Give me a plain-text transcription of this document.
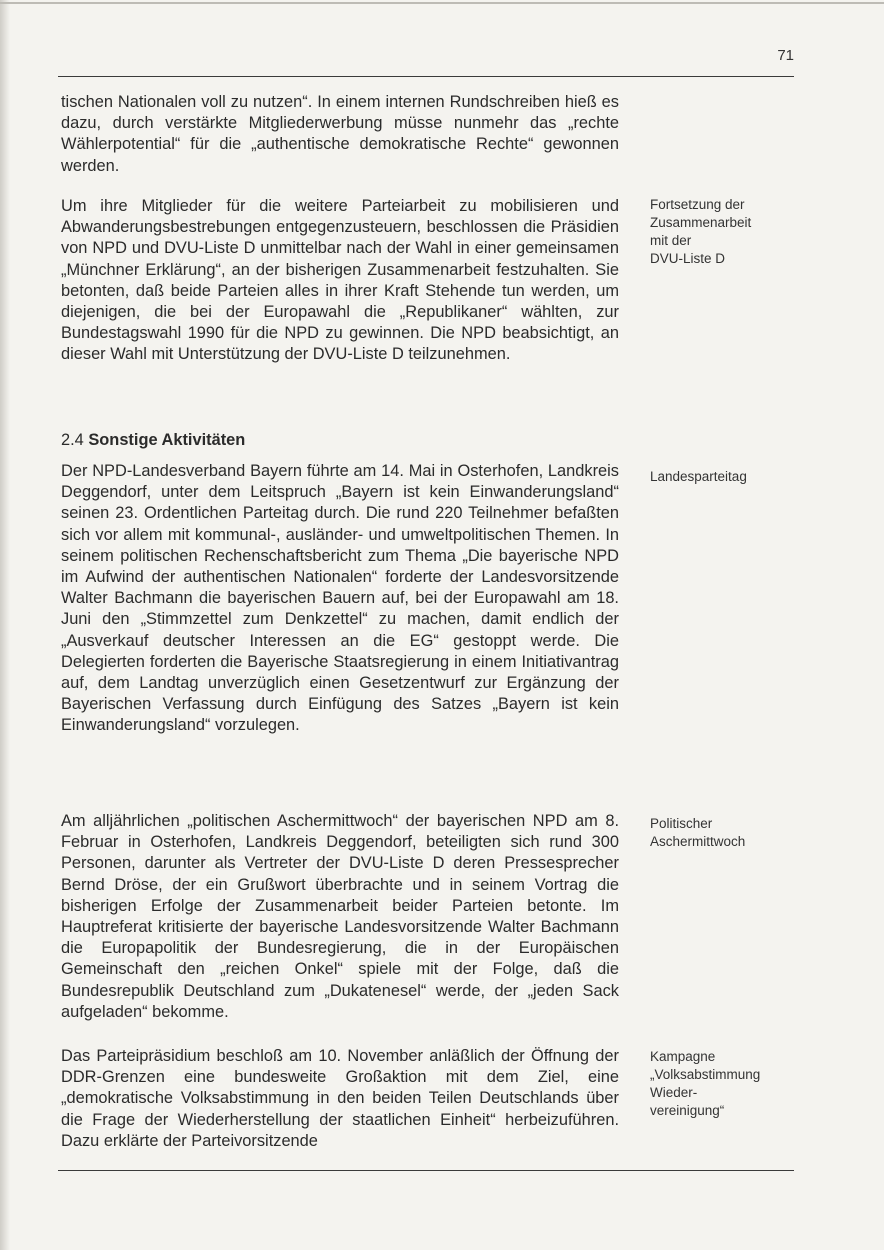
71

tischen Nationalen voll zu nutzen“. In einem internen Rundschreiben hieß es dazu, durch verstärkte Mitgliederwerbung müsse nunmehr das „rechte Wählerpotential“ für die „authentische demokratische Rechte“ gewonnen werden.

Um ihre Mitglieder für die weitere Parteiarbeit zu mobilisieren und Abwanderungsbestrebungen entgegenzusteuern, beschlossen die Präsidien von NPD und DVU-Liste D unmittelbar nach der Wahl in einer gemeinsamen „Münchner Erklärung“, an der bisherigen Zusammenarbeit festzuhalten. Sie betonten, daß beide Parteien alles in ihrer Kraft Stehende tun werden, um diejenigen, die bei der Europawahl die „Republikaner“ wählten, zur Bundestagswahl 1990 für die NPD zu gewinnen. Die NPD beabsichtigt, an dieser Wahl mit Unterstützung der DVU-Liste D teilzunehmen.

2.4 Sonstige Aktivitäten

Der NPD-Landesverband Bayern führte am 14. Mai in Osterhofen, Landkreis Deggendorf, unter dem Leitspruch „Bayern ist kein Einwanderungsland“ seinen 23. Ordentlichen Parteitag durch. Die rund 220 Teilnehmer befaßten sich vor allem mit kommunal-, ausländer- und umweltpolitischen Themen. In seinem politischen Rechenschaftsbericht zum Thema „Die bayerische NPD im Aufwind der authentischen Nationalen“ forderte der Landesvorsitzende Walter Bachmann die bayerischen Bauern auf, bei der Europawahl am 18. Juni den „Stimmzettel zum Denkzettel“ zu machen, damit endlich der „Ausverkauf deutscher Interessen an die EG“ gestoppt werde. Die Delegierten forderten die Bayerische Staatsregierung in einem Initiativantrag auf, dem Landtag unverzüglich einen Gesetzentwurf zur Ergänzung der Bayerischen Verfassung durch Einfügung des Satzes „Bayern ist kein Einwanderungsland“ vorzulegen.

Am alljährlichen „politischen Aschermittwoch“ der bayerischen NPD am 8. Februar in Osterhofen, Landkreis Deggendorf, beteiligten sich rund 300 Personen, darunter als Vertreter der DVU-Liste D deren Pressesprecher Bernd Dröse, der ein Grußwort überbrachte und in seinem Vortrag die bisherigen Erfolge der Zusammenarbeit beider Parteien betonte. Im Hauptreferat kritisierte der bayerische Landesvorsitzende Walter Bachmann die Europapolitik der Bundesregierung, die in der Europäischen Gemeinschaft den „reichen Onkel“ spiele mit der Folge, daß die Bundesrepublik Deutschland zum „Dukatenesel“ werde, der „jeden Sack aufgeladen“ bekomme.

Das Parteipräsidium beschloß am 10. November anläßlich der Öffnung der DDR-Grenzen eine bundesweite Großaktion mit dem Ziel, eine „demokratische Volksabstimmung in den beiden Teilen Deutschlands über die Frage der Wiederherstellung der staatlichen Einheit“ herbeizuführen. Dazu erklärte der Parteivorsitzende

Fortsetzung der
Zusammenarbeit
mit der
DVU-Liste D
Landesparteitag
Politischer
Aschermittwoch
Kampagne
„Volksabstimmung
Wieder-
vereinigung“
